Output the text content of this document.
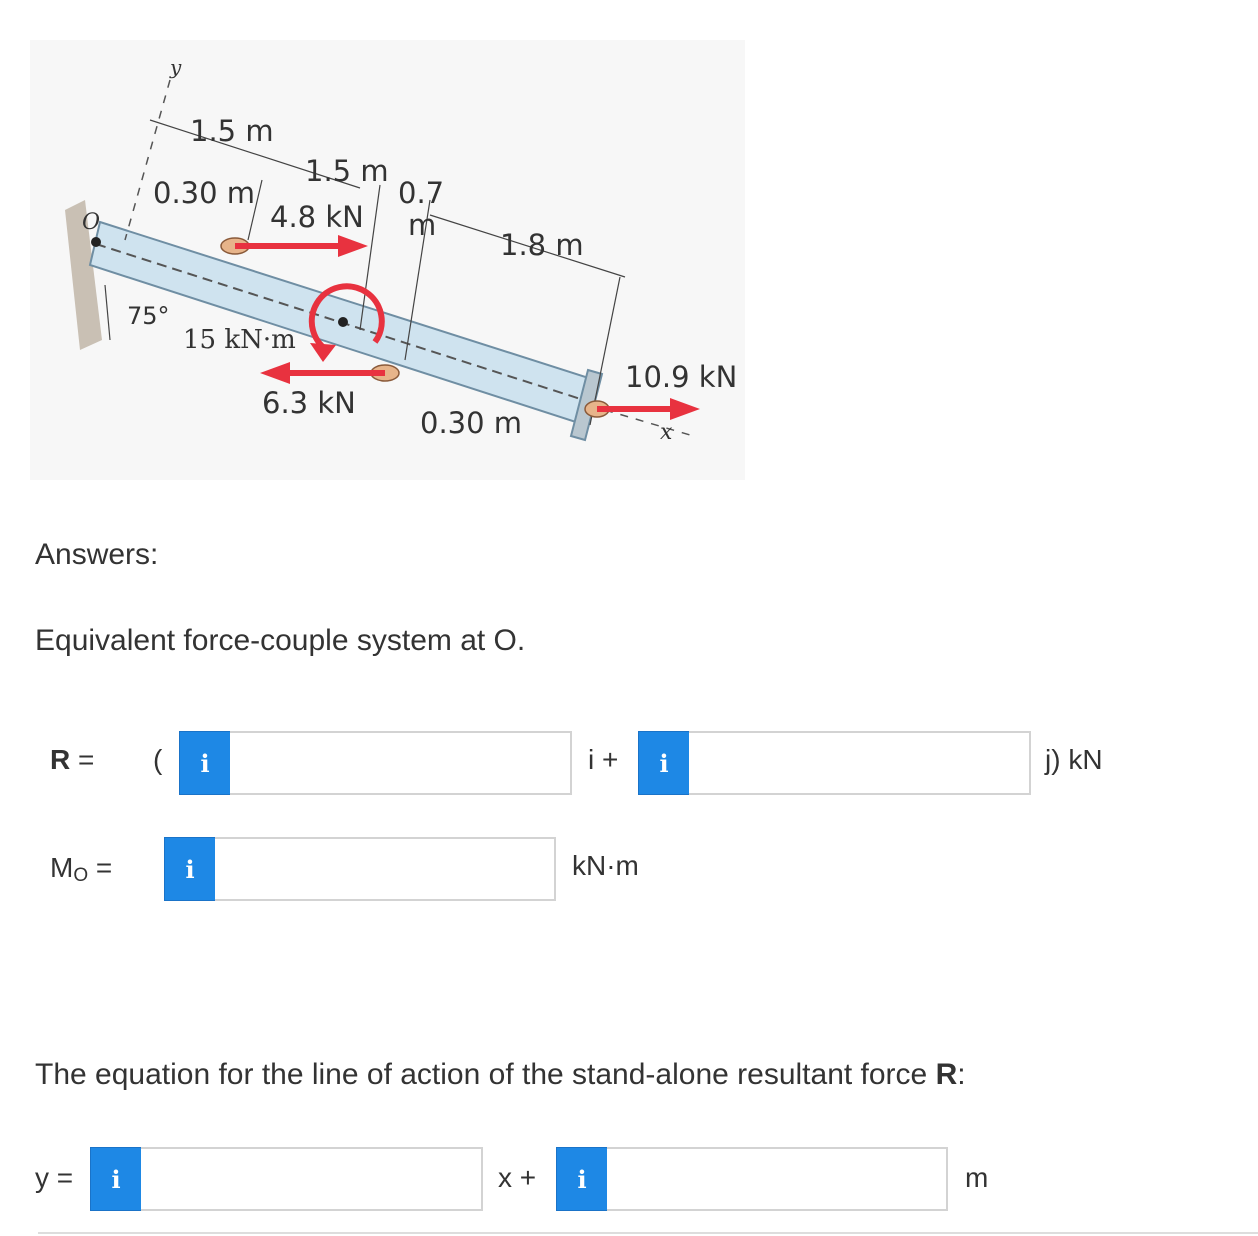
y
O
1.5 m
1.5 m
0.30 m	0.7
m
4.8 kN
1.8 m
75°
15 kN·m
10.9 kN
6.3 kN
0.30 m	x
Answers:
Equivalent force-couple system at O.
R = (	i	i +	i	j) kN
MO =	i	kN·m
The equation for the line of action of the stand-alone resultant force R:
y =	i	x +	i	m
